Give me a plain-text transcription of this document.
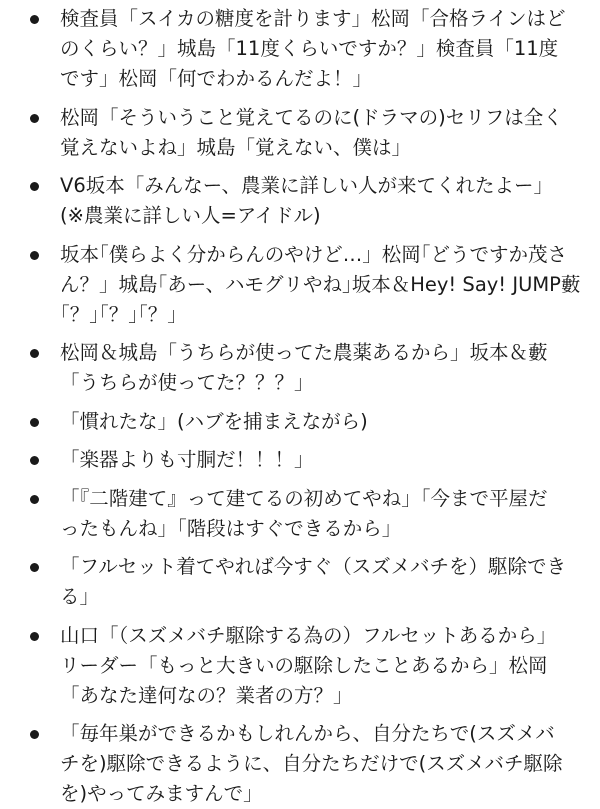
検査員「スイカの糖度を計ります」松岡「合格ラインはど
のくらい？」城島「11度くらいですか？」検査員「11度
です」松岡「何でわかるんだよ！」
松岡「そういうこと覚えてるのに(ドラマの)セリフは全く
覚えないよね」城島「覚えない、僕は」
V6坂本「みんなー、農業に詳しい人が来てくれたよー」
(※農業に詳しい人=アイドル)
坂本｢僕らよく分からんのやけど…」松岡｢どうですか茂さ
ん？」城島｢あー、ハモグリやね｣坂本＆Hey! Say! JUMP藪
｢？｣｢？｣｢？」
松岡＆城島「うちらが使ってた農薬あるから」坂本＆藪
「うちらが使ってた？？？」
「慣れたな」(ハブを捕まえながら)
「楽器よりも寸胴だ！！！」
「『二階建て』って建てるの初めてやね」「今まで平屋だ
ったもんね」「階段はすぐできるから」
「フルセット着てやれば今すぐ（スズメバチを）駆除でき
る」
山口「（スズメバチ駆除する為の）フルセットあるから」
リーダー「もっと大きいの駆除したことあるから」松岡
「あなた達何なの？業者の方？」
「毎年巣ができるかもしれんから、自分たちで(スズメバ
チを)駆除できるように、自分たちだけで(スズメバチ駆除
を)やってみますんで」
